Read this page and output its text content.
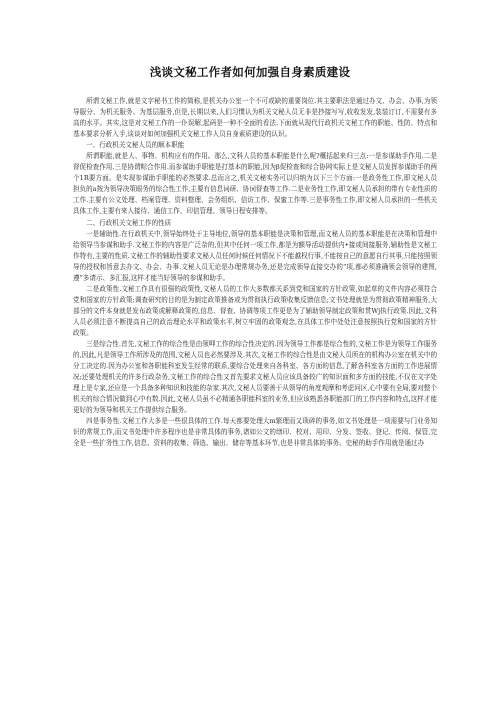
浅谈文秘工作者如何加强自身素质建设

所谓文秘工作,就是文字秘书工作的简称,是机关办公室一个不可或缺的重要岗位.其主要职法是通过办文、办会、办事,为领导服分、为机关服务、为基层服务,但是,长期以来,人们习惯认为机关文秘人员无非是抄接写写,收收发发,装装订订,不需要有多高的水平。其实,这是对文秘工作的一仆误解,起码是一种不全面的看法.下面就从现代行政机关文秘工作的职能、性防、特点和基本要求分析入手,谈谈对如何加强机关文秘工作人员自身素质建设的认识。

一、行政机关文秘人员的顺本职能

所谓职能,就是人、事物、机构应有的作用。那么,文科人员的基本职能是什么呢?概括起来归三点:一是参谋助手作用.二是督促检查作用.三是协谓粽合作用.而参谋助手职能是打基本的职能,因为β促检查和综合协网实际上是文秘人员发挥参谋助手的两个1R要方面。是实现参谋助手职能的必然要求.总而言之,机关文秘实务可以归纳为以下三个方面:一是政务性工作,即文秘人员担负的a按为领导决策眼务的综合性工作,主要有信息词研、协词督查等工作.二是业务性工作,即文秘人员承担的带有专业性质的工作.主要有公文处理、档案管理、资料整理、会务组织、信访工作、保蜜工作等.三是事务性工作,即文秘人员承担的一些机关具体工作,主要有来人接待、通信工作、印信管理、领导日程安排等。

二、行政机关文秘工作的性质

一是辅助性.在行政机关中,领导始终处于主导地位,领导的基本职能是决策和管理,而文秘人员的基本职能是在决策和管理中给领导当参谋和助手.文秘工作的内容是广泛杂的,但其中任何一项工作,都是为额导活动提供内•接或间接服务,辅助性是文秘工作特有,主要的性质.文秘工作的辅助性要求文秘人员任何时候任何情况下不能越权行事,不能按自己的意愿自行其事,只能按照领导的授权和旨意去办文、办会、办事.文秘人员无论是办理常规办务,还是完成领导直接交办的“项,都必须准确领会领导的建图,遵”多请示、多汇报,这样才能当好领导的参谋和助手。

二是政策性.文秘工作具有很强的政策性,文秘人员的工作大多数都关系到党和国家的方针政策,如起草的文件内容必须符合党和国家的方针政策;调查研究的目的是为制定政策推备或为贯彻执行政策收集反馈信息;文书处理就是为贯彻政策精神服务,大部分的文件本身就是发布政策或解释政策的,信息、督查、协调等项工作更是为了辅助领导制定政策和贯Wj执行政策.因此,文科人员必须注意不断提高自己的政治理论水平和政策水平,树立牢固的政策观念,在具体工作中处处注意按照执行党和国家的方针政策。

三是综合性.首先,文秘工作的综合性是由领呷工作的综合性决定的.因为领导工作都是综合性的,文秘工作是为领导工作服务的,因此,凡是领导工作所涉及的范围,文秘人员也必然要涉及.其次,文秘工作的综合性是由文秘人员所在的机构办公室在机关中的分工决定的.因为办公室和各职能科室发生经常的联系,要综合处理来自各科室、各方面的信息,了解各科室各方面的工作进展情况;还要处理机关的许多行政杂务,文秘工作的综合性又首先要求文秘人员应该具备较广的知识面和多方面的技能,不仅在文字处理上是专家,还应是一个具备多种知识和技能的杂家.其次,文秘人员要善于从领导的角度观摩和考虑问区,心中要有全局,要对整个机关的综合情况做到心中有数.因此,文秘人员虽不必精通各职能科室的业务,但应该熟悉各职能部门的工作内容和特点,这样才能更好的为领导和机关工作提供综合服务。

四是事务性.文秘工作大多是一些很具体的工作.每天都要处理大m繁理而又琐碎的事务,如文书处理是一项需要与门业务知识的常规工作,而文书处理中许多程序也是非常具体的事务,诸如公文的缮印、校对、用印、分发、签收、登记、传阅、保管,完全是一些扩务性工作,信息、资料的收集、筛选、输出、储存等基本环节,也是非常具体的事务。史秘的助手作用就是通过办
